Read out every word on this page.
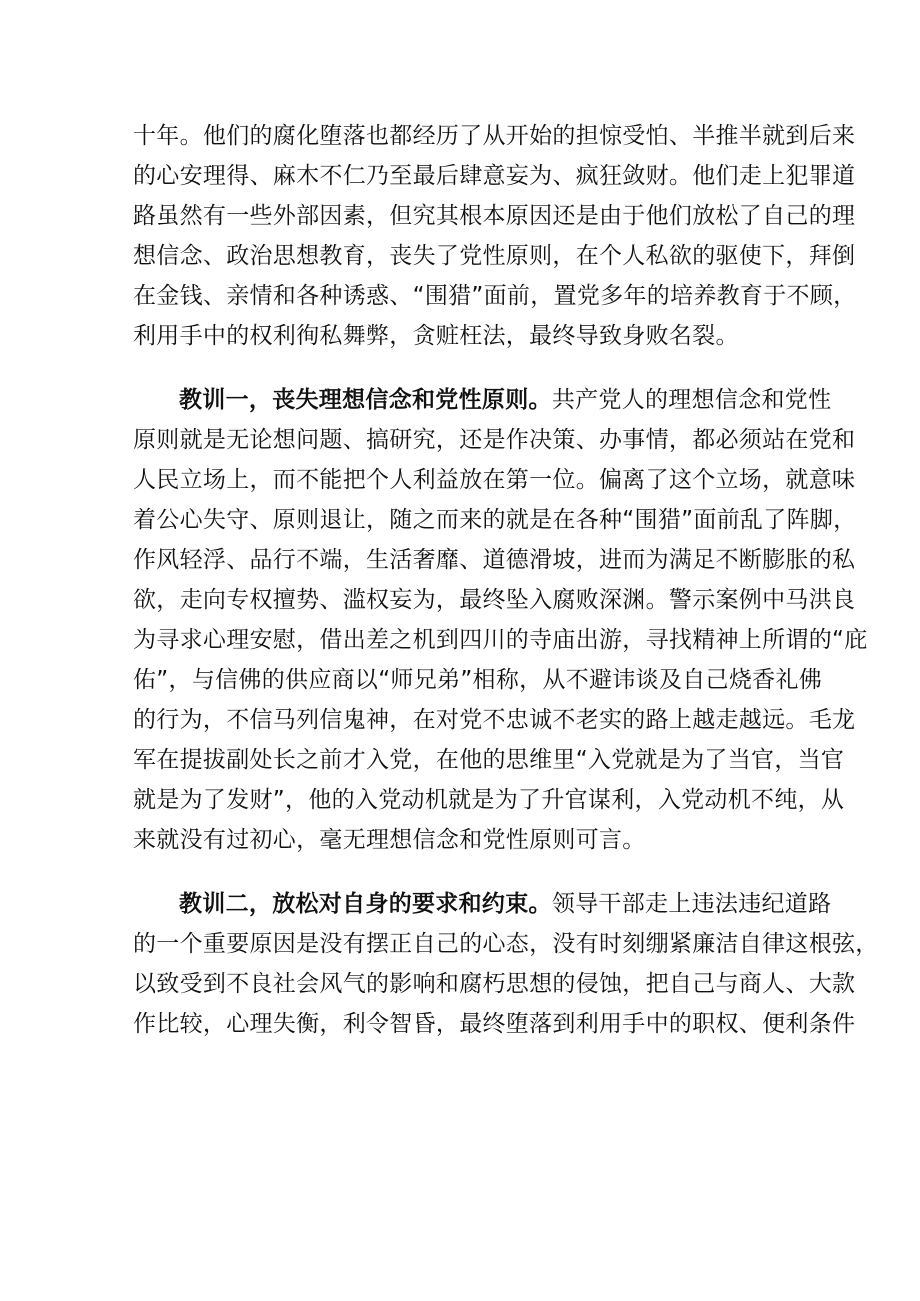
十年。他们的腐化堕落也都经历了从开始的担惊受怕、半推半就到后来
的心安理得、麻木不仁乃至最后肆意妄为、疯狂敛财。他们走上犯罪道
路虽然有一些外部因素，但究其根本原因还是由于他们放松了自己的理
想信念、政治思想教育，丧失了党性原则，在个人私欲的驱使下，拜倒
在金钱、亲情和各种诱惑、“围猎”面前，置党多年的培养教育于不顾，
利用手中的权利徇私舞弊，贪赃枉法，最终导致身败名裂。
教训一，丧失理想信念和党性原则。共产党人的理想信念和党性
原则就是无论想问题、搞研究，还是作决策、办事情，都必须站在党和
人民立场上，而不能把个人利益放在第一位。偏离了这个立场，就意味
着公心失守、原则退让，随之而来的就是在各种“围猎”面前乱了阵脚，
作风轻浮、品行不端，生活奢靡、道德滑坡，进而为满足不断膨胀的私
欲，走向专权擅势、滥权妄为，最终坠入腐败深渊。警示案例中马洪良
为寻求心理安慰，借出差之机到四川的寺庙出游，寻找精神上所谓的“庇
佑”，与信佛的供应商以“师兄弟”相称，从不避讳谈及自己烧香礼佛
的行为，不信马列信鬼神，在对党不忠诚不老实的路上越走越远。毛龙
军在提拔副处长之前才入党，在他的思维里“入党就是为了当官，当官
就是为了发财”，他的入党动机就是为了升官谋利，入党动机不纯，从
来就没有过初心，毫无理想信念和党性原则可言。
教训二，放松对自身的要求和约束。领导干部走上违法违纪道路
的一个重要原因是没有摆正自己的心态，没有时刻绷紧廉洁自律这根弦，
以致受到不良社会风气的影响和腐朽思想的侵蚀，把自己与商人、大款
作比较，心理失衡，利令智昏，最终堕落到利用手中的职权、便利条件
